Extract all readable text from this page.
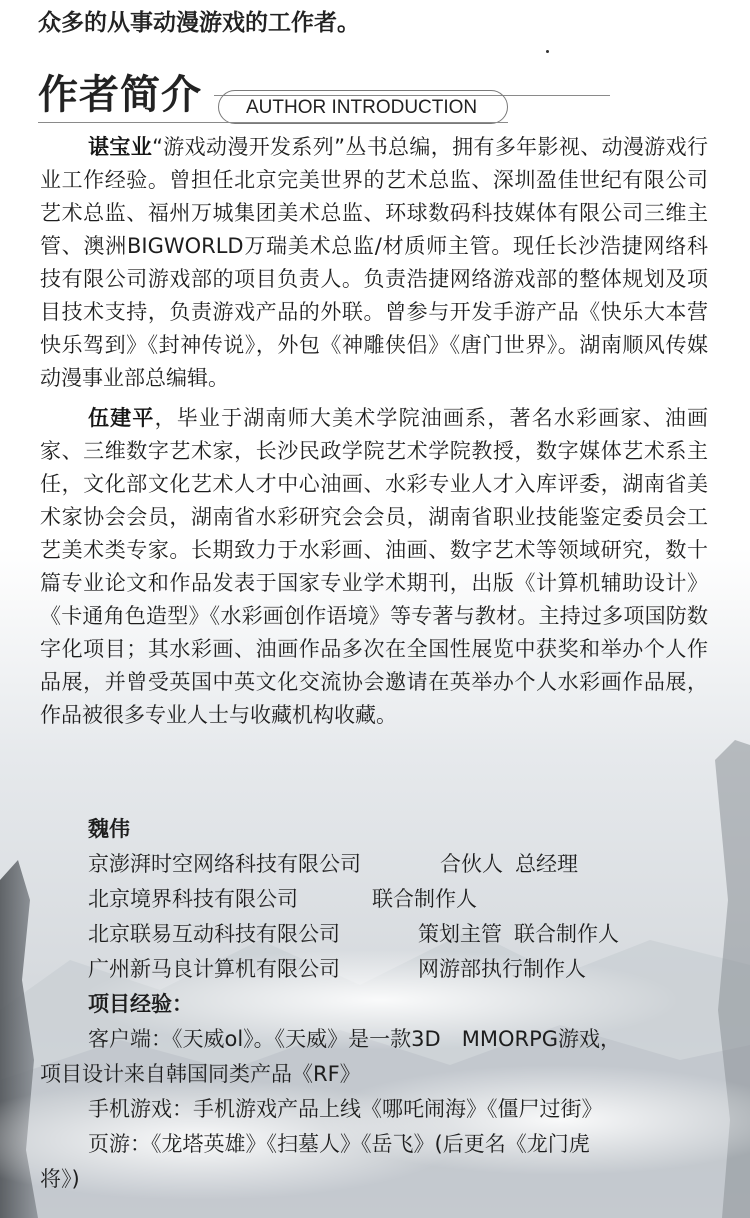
众多的从事动漫游戏的工作者。
作者简介 AUTHOR INTRODUCTION

谌宝业“游戏动漫开发系列”丛书总编，拥有多年影视、动漫游戏行业工作经验。曾担任北京完美世界的艺术总监、深圳盈佳世纪有限公司艺术总监、福州万城集团美术总监、环球数码科技媒体有限公司三维主管、澳洲BIGWORLD万瑞美术总监/材质师主管。现任长沙浩捷网络科技有限公司游戏部的项目负责人。负责浩捷网络游戏部的整体规划及项目技术支持，负责游戏产品的外联。曾参与开发手游产品《快乐大本营快乐驾到》《封神传说》，外包《神雕侠侣》《唐门世界》。湖南顺风传媒动漫事业部总编辑。

伍建平，毕业于湖南师大美术学院油画系，著名水彩画家、油画家、三维数字艺术家，长沙民政学院艺术学院教授，数字媒体艺术系主任，文化部文化艺术人才中心油画、水彩专业人才入库评委，湖南省美术家协会会员，湖南省水彩研究会会员，湖南省职业技能鉴定委员会工艺美术类专家。长期致力于水彩画、油画、数字艺术等领域研究，数十篇专业论文和作品发表于国家专业学术期刊，出版《计算机辅助设计》《卡通角色造型》《水彩画创作语境》等专著与教材。主持过多项国防数字化项目；其水彩画、油画作品多次在全国性展览中获奖和举办个人作品展，并曾受英国中英文化交流协会邀请在英举办个人水彩画作品展，作品被很多专业人士与收藏机构收藏。

魏伟
京澎湃时空网络科技有限公司	合伙人 总经理
北京境界科技有限公司	联合制作人
北京联易互动科技有限公司	策划主管 联合制作人
广州新马良计算机有限公司	网游部执行制作人
项目经验：

客户端：《天威ol》。《天威》是一款3D　MMORPG游戏，

项目设计来自韩国同类产品《RF》

手机游戏：手机游戏产品上线《哪吒闹海》《僵尸过街》

页游：《龙塔英雄》《扫墓人》《岳飞》(后更名《龙门虎

将》)
